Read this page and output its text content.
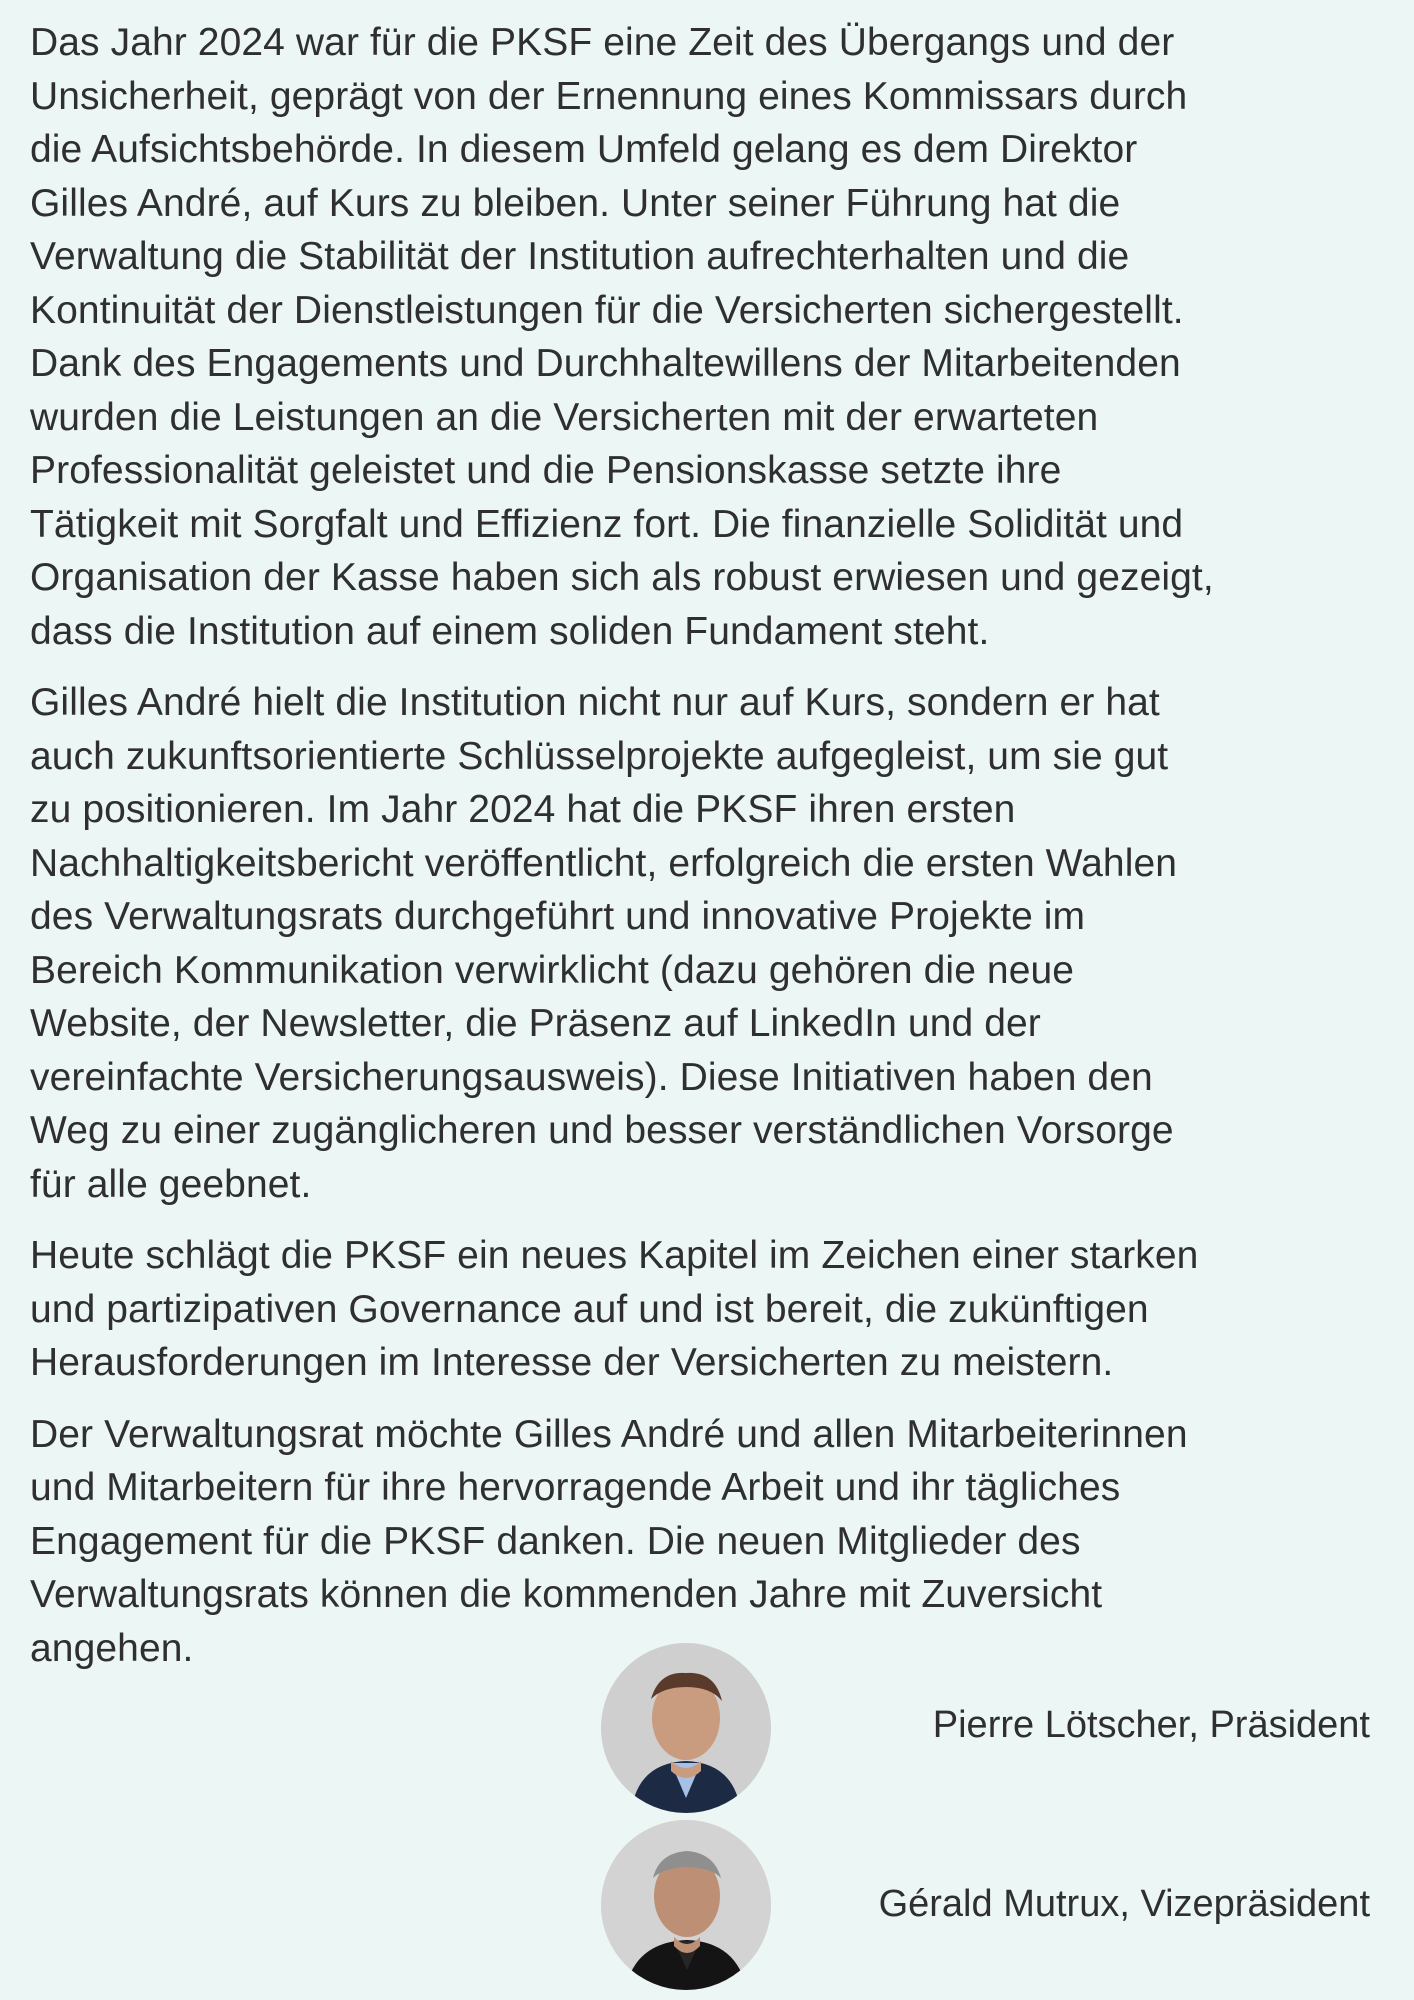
Das Jahr 2024 war für die PKSF eine Zeit des Übergangs und der
Unsicherheit, geprägt von der Ernennung eines Kommissars durch
die Aufsichtsbehörde. In diesem Umfeld gelang es dem Direktor
Gilles André, auf Kurs zu bleiben. Unter seiner Führung hat die
Verwaltung die Stabilität der Institution aufrechterhalten und die
Kontinuität der Dienstleistungen für die Versicherten sichergestellt.
Dank des Engagements und Durchhaltewillens der Mitarbeitenden
wurden die Leistungen an die Versicherten mit der erwarteten
Professionalität geleistet und die Pensionskasse setzte ihre
Tätigkeit mit Sorgfalt und Effizienz fort. Die finanzielle Solidität und
Organisation der Kasse haben sich als robust erwiesen und gezeigt,
dass die Institution auf einem soliden Fundament steht.

Gilles André hielt die Institution nicht nur auf Kurs, sondern er hat
auch zukunftsorientierte Schlüsselprojekte aufgegleist, um sie gut
zu positionieren. Im Jahr 2024 hat die PKSF ihren ersten
Nachhaltigkeitsbericht veröffentlicht, erfolgreich die ersten Wahlen
des Verwaltungsrats durchgeführt und innovative Projekte im
Bereich Kommunikation verwirklicht (dazu gehören die neue
Website, der Newsletter, die Präsenz auf LinkedIn und der
vereinfachte Versicherungsausweis). Diese Initiativen haben den
Weg zu einer zugänglicheren und besser verständlichen Vorsorge
für alle geebnet.

Heute schlägt die PKSF ein neues Kapitel im Zeichen einer starken
und partizipativen Governance auf und ist bereit, die zukünftigen
Herausforderungen im Interesse der Versicherten zu meistern.

Der Verwaltungsrat möchte Gilles André und allen Mitarbeiterinnen
und Mitarbeitern für ihre hervorragende Arbeit und ihr tägliches
Engagement für die PKSF danken. Die neuen Mitglieder des
Verwaltungsrats können die kommenden Jahre mit Zuversicht
angehen.

Pierre Lötscher, Präsident
Gérald Mutrux, Vizepräsident
